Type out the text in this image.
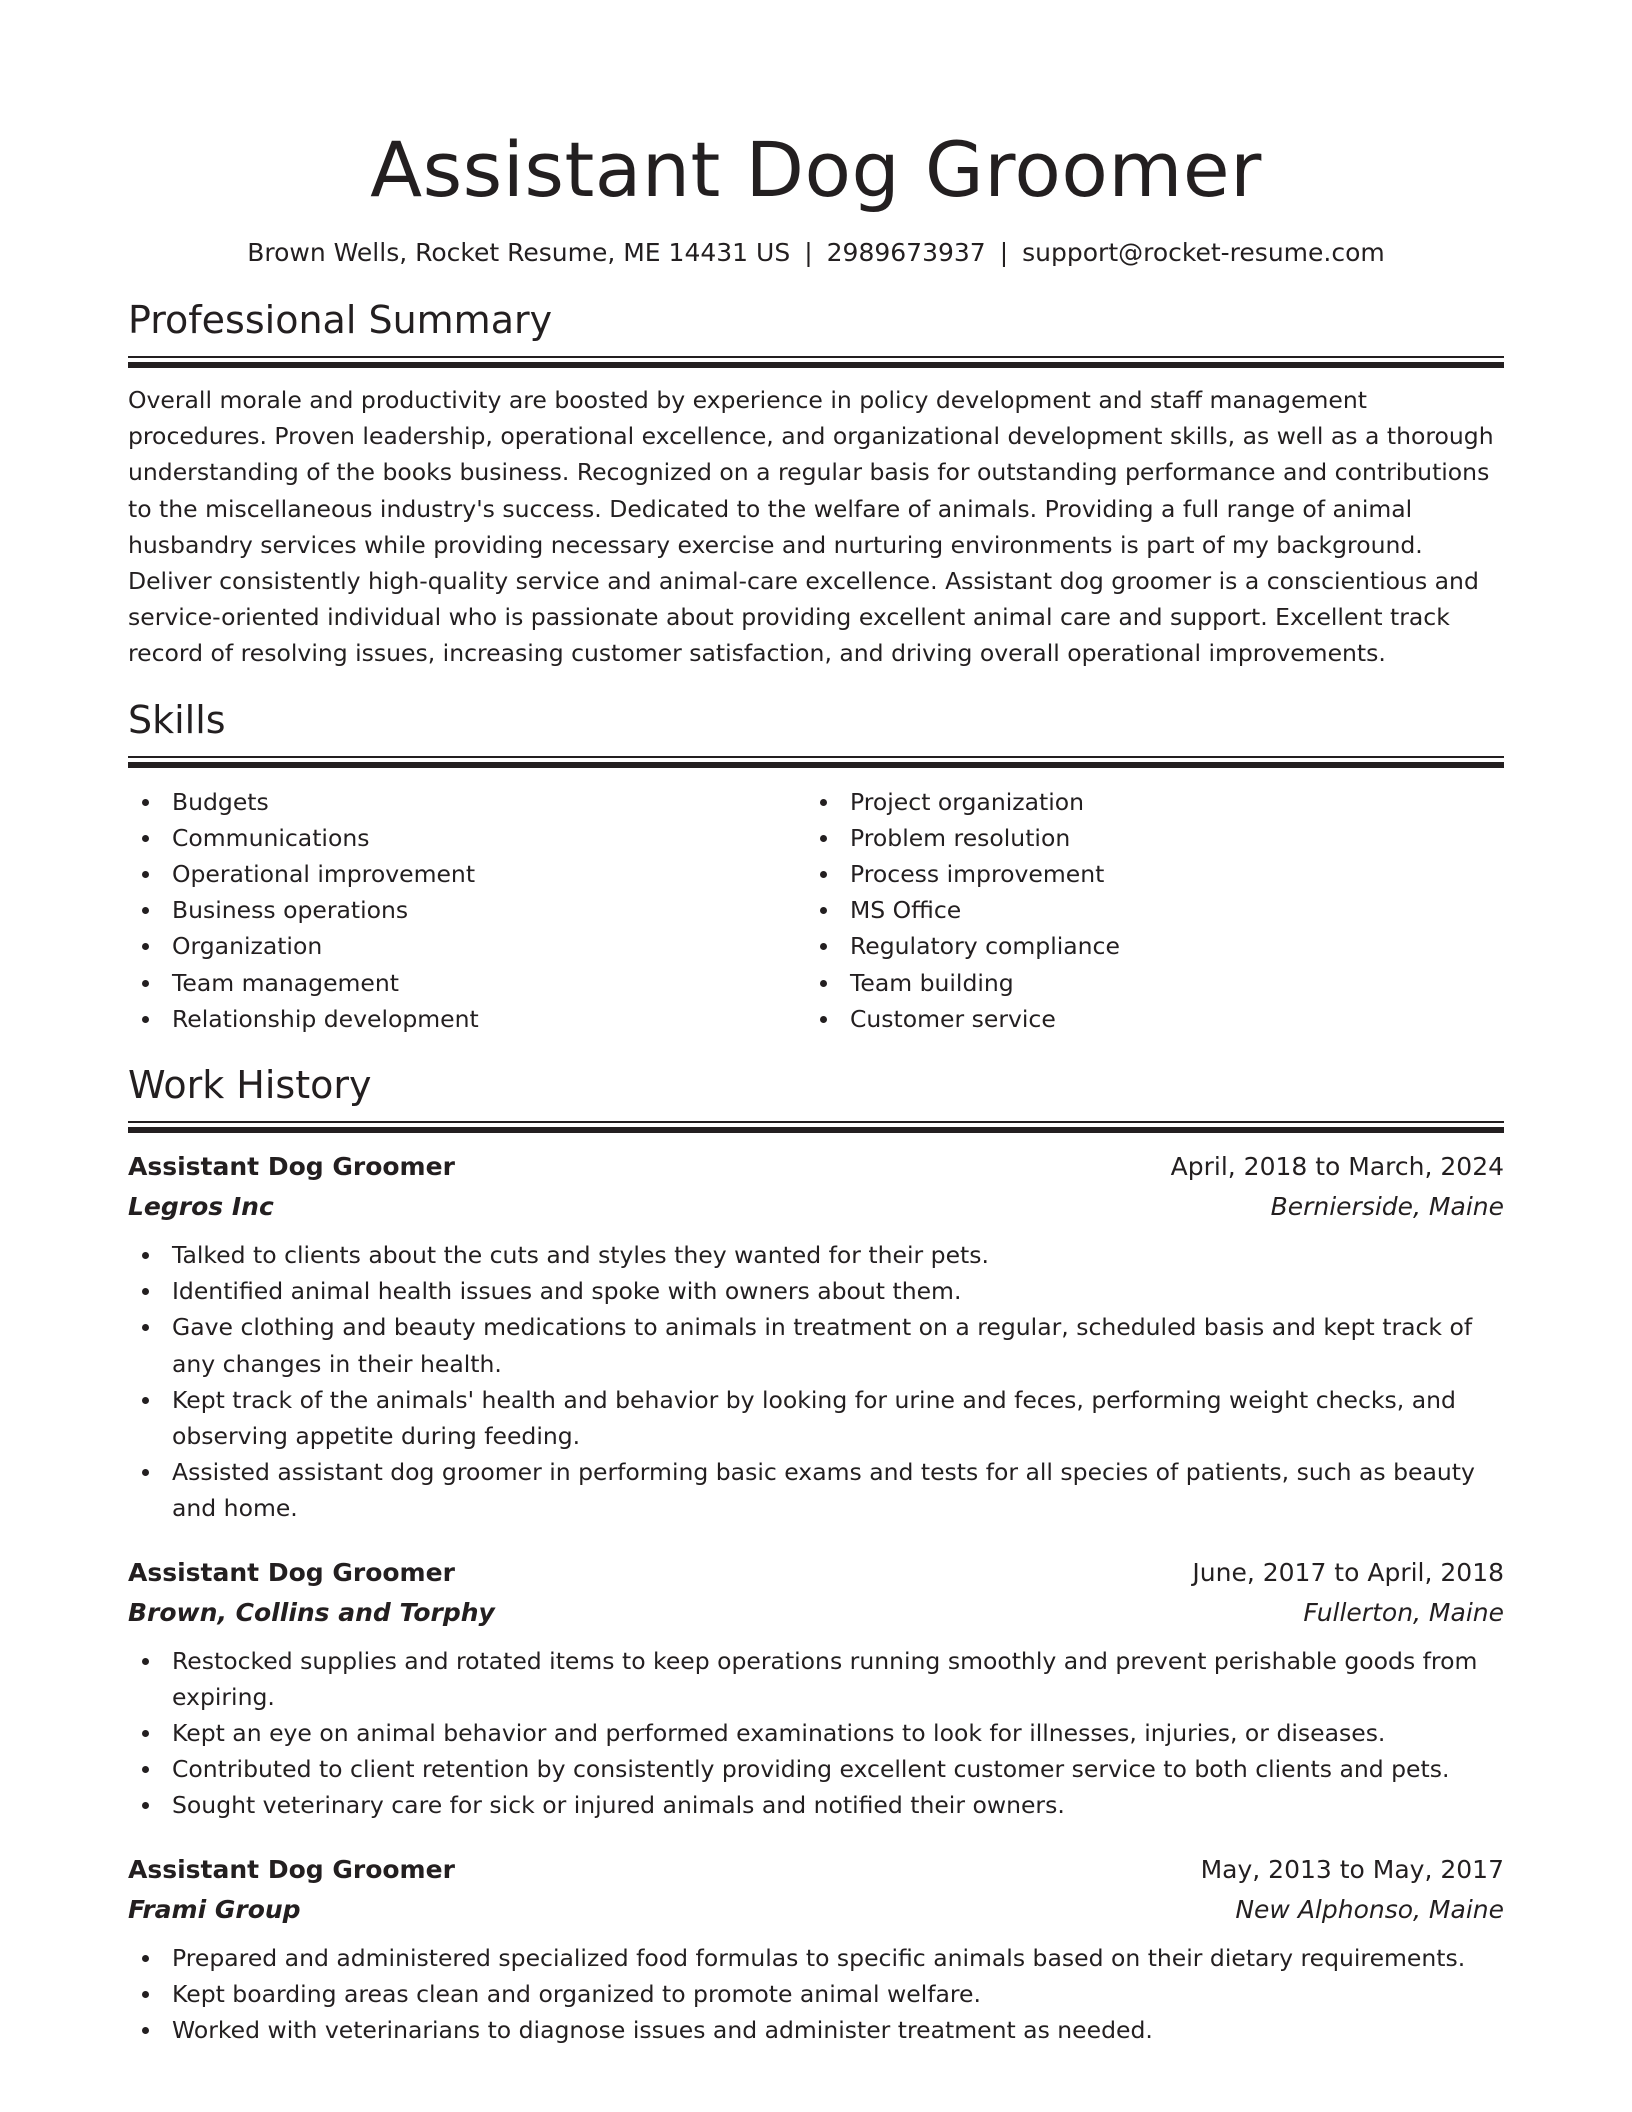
Assistant Dog Groomer
Brown Wells, Rocket Resume, ME 14431 US | 2989673937 | support@rocket-resume.com
Professional Summary

Overall morale and productivity are boosted by experience in policy development and staff management procedures. Proven leadership, operational excellence, and organizational development skills, as well as a thorough understanding of the books business. Recognized on a regular basis for outstanding performance and contributions to the miscellaneous industry's success. Dedicated to the welfare of animals. Providing a full range of animal husbandry services while providing necessary exercise and nurturing environments is part of my background. Deliver consistently high-quality service and animal-care excellence. Assistant dog groomer is a conscientious and service-oriented individual who is passionate about providing excellent animal care and support. Excellent track record of resolving issues, increasing customer satisfaction, and driving overall operational improvements.

Skills
Budgets
Communications
Operational improvement
Business operations
Organization
Team management
Relationship development
Project organization
Problem resolution
Process improvement
MS Office
Regulatory compliance
Team building
Customer service
Work History
Assistant Dog Groomer	April, 2018 to March, 2024
Legros Inc	Bernierside, Maine
Talked to clients about the cuts and styles they wanted for their pets.
Identified animal health issues and spoke with owners about them.
Gave clothing and beauty medications to animals in treatment on a regular, scheduled basis and kept track of any changes in their health.
Kept track of the animals' health and behavior by looking for urine and feces, performing weight checks, and observing appetite during feeding.
Assisted assistant dog groomer in performing basic exams and tests for all species of patients, such as beauty and home.
Assistant Dog Groomer	June, 2017 to April, 2018
Brown, Collins and Torphy	Fullerton, Maine
Restocked supplies and rotated items to keep operations running smoothly and prevent perishable goods from expiring.
Kept an eye on animal behavior and performed examinations to look for illnesses, injuries, or diseases.
Contributed to client retention by consistently providing excellent customer service to both clients and pets.
Sought veterinary care for sick or injured animals and notified their owners.
Assistant Dog Groomer	May, 2013 to May, 2017
Frami Group	New Alphonso, Maine
Prepared and administered specialized food formulas to specific animals based on their dietary requirements.
Kept boarding areas clean and organized to promote animal welfare.
Worked with veterinarians to diagnose issues and administer treatment as needed.
